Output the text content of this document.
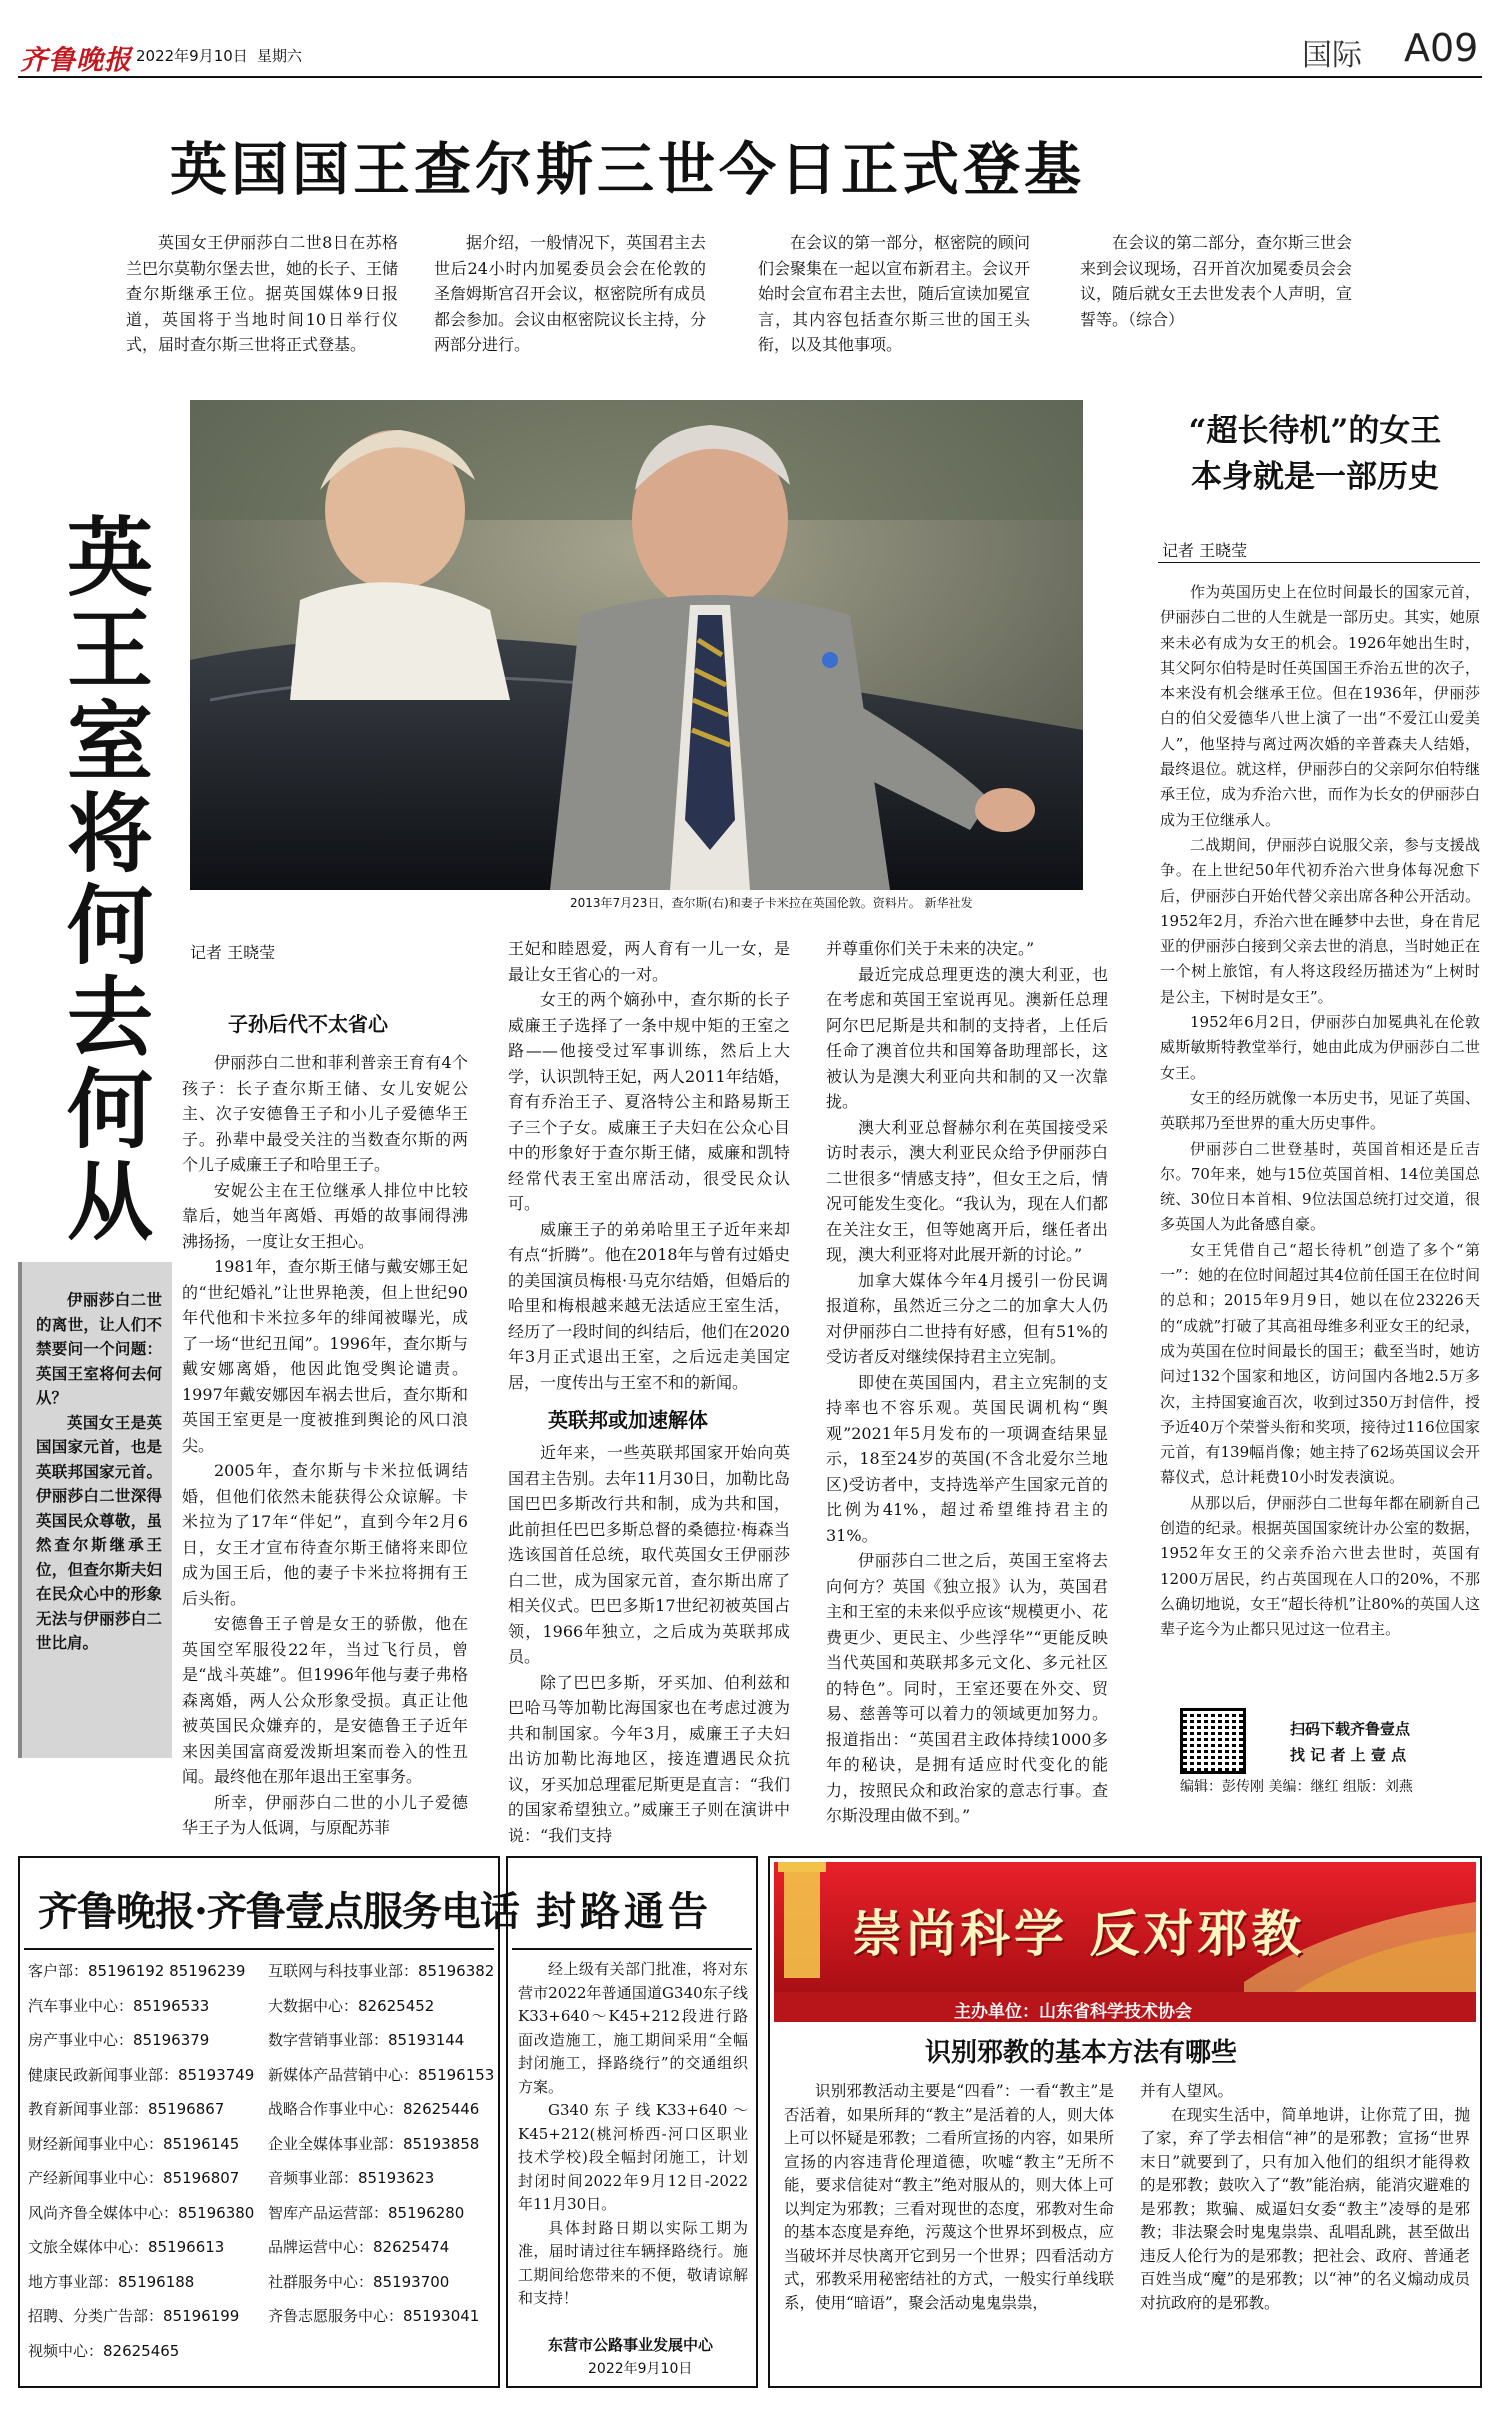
齐鲁晚报 2022年9月10日 星期六	国际 A09
英国国王查尔斯三世今日正式登基

英国女王伊丽莎白二世8日在苏格兰巴尔莫勒尔堡去世，她的长子、王储查尔斯继承王位。据英国媒体9日报道，英国将于当地时间10日举行仪式，届时查尔斯三世将正式登基。

据介绍，一般情况下，英国君主去世后24小时内加冕委员会会在伦敦的圣詹姆斯宫召开会议，枢密院所有成员都会参加。会议由枢密院议长主持，分两部分进行。

在会议的第一部分，枢密院的顾问们会聚集在一起以宣布新君主。会议开始时会宣布君主去世，随后宣读加冕宣言，其内容包括查尔斯三世的国王头衔，以及其他事项。

在会议的第二部分，查尔斯三世会来到会议现场，召开首次加冕委员会会议，随后就女王去世发表个人声明，宣誓等。（综合）

2013年7月23日，查尔斯(右)和妻子卡米拉在英国伦敦。资料片。 新华社发
英王室将何去何从

伊丽莎白二世的离世，让人们不禁要问一个问题：英国王室将何去何从？

英国女王是英国国家元首，也是英联邦国家元首。伊丽莎白二世深得英国民众尊敬，虽然查尔斯继承王位，但查尔斯夫妇在民众心中的形象无法与伊丽莎白二世比肩。

记者 王晓莹
子孙后代不太省心

伊丽莎白二世和菲利普亲王育有4个孩子：长子查尔斯王储、女儿安妮公主、次子安德鲁王子和小儿子爱德华王子。孙辈中最受关注的当数查尔斯的两个儿子威廉王子和哈里王子。

安妮公主在王位继承人排位中比较靠后，她当年离婚、再婚的故事闹得沸沸扬扬，一度让女王担心。

1981年，查尔斯王储与戴安娜王妃的“世纪婚礼”让世界艳羡，但上世纪90年代他和卡米拉多年的绯闻被曝光，成了一场“世纪丑闻”。1996年，查尔斯与戴安娜离婚，他因此饱受舆论谴责。1997年戴安娜因车祸去世后，查尔斯和英国王室更是一度被推到舆论的风口浪尖。

2005年，查尔斯与卡米拉低调结婚，但他们依然未能获得公众谅解。卡米拉为了17年“伴妃”，直到今年2月6日，女王才宣布待查尔斯王储将来即位成为国王后，他的妻子卡米拉将拥有王后头衔。

安德鲁王子曾是女王的骄傲，他在英国空军服役22年，当过飞行员，曾是“战斗英雄”。但1996年他与妻子弗格森离婚，两人公众形象受损。真正让他被英国民众嫌弃的，是安德鲁王子近年来因美国富商爱泼斯坦案而卷入的性丑闻。最终他在那年退出王室事务。

所幸，伊丽莎白二世的小儿子爱德华王子为人低调，与原配苏菲

王妃和睦恩爱，两人育有一儿一女，是最让女王省心的一对。

女王的两个嫡孙中，查尔斯的长子威廉王子选择了一条中规中矩的王室之路——他接受过军事训练，然后上大学，认识凯特王妃，两人2011年结婚，育有乔治王子、夏洛特公主和路易斯王子三个子女。威廉王子夫妇在公众心目中的形象好于查尔斯王储，威廉和凯特经常代表王室出席活动，很受民众认可。

威廉王子的弟弟哈里王子近年来却有点“折腾”。他在2018年与曾有过婚史的美国演员梅根·马克尔结婚，但婚后的哈里和梅根越来越无法适应王室生活，经历了一段时间的纠结后，他们在2020年3月正式退出王室，之后远走美国定居，一度传出与王室不和的新闻。

英联邦或加速解体

近年来，一些英联邦国家开始向英国君主告别。去年11月30日，加勒比岛国巴巴多斯改行共和制，成为共和国，此前担任巴巴多斯总督的桑德拉·梅森当选该国首任总统，取代英国女王伊丽莎白二世，成为国家元首，查尔斯出席了相关仪式。巴巴多斯17世纪初被英国占领，1966年独立，之后成为英联邦成员。

除了巴巴多斯，牙买加、伯利兹和巴哈马等加勒比海国家也在考虑过渡为共和制国家。今年3月，威廉王子夫妇出访加勒比海地区，接连遭遇民众抗议，牙买加总理霍尼斯更是直言：“我们的国家希望独立。”威廉王子则在演讲中说：“我们支持

并尊重你们关于未来的决定。”

最近完成总理更迭的澳大利亚，也在考虑和英国王室说再见。澳新任总理阿尔巴尼斯是共和制的支持者，上任后任命了澳首位共和国筹备助理部长，这被认为是澳大利亚向共和制的又一次靠拢。

澳大利亚总督赫尔利在英国接受采访时表示，澳大利亚民众给予伊丽莎白二世很多“情感支持”，但女王之后，情况可能发生变化。“我认为，现在人们都在关注女王，但等她离开后，继任者出现，澳大利亚将对此展开新的讨论。”

加拿大媒体今年4月援引一份民调报道称，虽然近三分之二的加拿大人仍对伊丽莎白二世持有好感，但有51%的受访者反对继续保持君主立宪制。

即使在英国国内，君主立宪制的支持率也不容乐观。英国民调机构“舆观”2021年5月发布的一项调查结果显示，18至24岁的英国(不含北爱尔兰地区)受访者中，支持选举产生国家元首的比例为41%，超过希望维持君主的31%。

伊丽莎白二世之后，英国王室将去向何方？英国《独立报》认为，英国君主和王室的未来似乎应该“规模更小、花费更少、更民主、少些浮华”“更能反映当代英国和英联邦多元文化、多元社区的特色”。同时，王室还要在外交、贸易、慈善等可以着力的领域更加努力。报道指出：“英国君主政体持续1000多年的秘诀，是拥有适应时代变化的能力，按照民众和政治家的意志行事。查尔斯没理由做不到。”

“超长待机”的女王
本身就是一部历史
记者 王晓莹

作为英国历史上在位时间最长的国家元首，伊丽莎白二世的人生就是一部历史。其实，她原来未必有成为女王的机会。1926年她出生时，其父阿尔伯特是时任英国国王乔治五世的次子，本来没有机会继承王位。但在1936年，伊丽莎白的伯父爱德华八世上演了一出“不爱江山爱美人”，他坚持与离过两次婚的辛普森夫人结婚，最终退位。就这样，伊丽莎白的父亲阿尔伯特继承王位，成为乔治六世，而作为长女的伊丽莎白成为王位继承人。

二战期间，伊丽莎白说服父亲，参与支援战争。在上世纪50年代初乔治六世身体每况愈下后，伊丽莎白开始代替父亲出席各种公开活动。1952年2月，乔治六世在睡梦中去世，身在肯尼亚的伊丽莎白接到父亲去世的消息，当时她正在一个树上旅馆，有人将这段经历描述为“上树时是公主，下树时是女王”。

1952年6月2日，伊丽莎白加冕典礼在伦敦威斯敏斯特教堂举行，她由此成为伊丽莎白二世女王。

女王的经历就像一本历史书，见证了英国、英联邦乃至世界的重大历史事件。

伊丽莎白二世登基时，英国首相还是丘吉尔。70年来，她与15位英国首相、14位美国总统、30位日本首相、9位法国总统打过交道，很多英国人为此备感自豪。

女王凭借自己“超长待机”创造了多个“第一”：她的在位时间超过其4位前任国王在位时间的总和；2015年9月9日，她以在位23226天的“成就”打破了其高祖母维多利亚女王的纪录，成为英国在位时间最长的国王；截至当时，她访问过132个国家和地区，访问国内各地2.5万多次，主持国宴逾百次，收到过350万封信件，授予近40万个荣誉头衔和奖项，接待过116位国家元首，有139幅肖像；她主持了62场英国议会开幕仪式，总计耗费10小时发表演说。

从那以后，伊丽莎白二世每年都在刷新自己创造的纪录。根据英国国家统计办公室的数据，1952年女王的父亲乔治六世去世时，英国有1200万居民，约占英国现在人口的20%，不那么确切地说，女王“超长待机”让80%的英国人这辈子迄今为止都只见过这一位君主。

扫码下载齐鲁壹点
找 记 者 上 壹 点
编辑：彭传刚 美编：继红 组版：刘燕
齐鲁晚报·齐鲁壹点服务电话
客户部：85196192 85196239
汽车事业中心：85196533
房产事业中心：85196379
健康民政新闻事业部：85193749
教育新闻事业部：85196867
财经新闻事业中心：85196145
产经新闻事业中心：85196807
风尚齐鲁全媒体中心：85196380
文旅全媒体中心：85196613
地方事业部：85196188
招聘、分类广告部：85196199
视频中心：82625465
互联网与科技事业部：85196382
大数据中心：82625452
数字营销事业部：85193144
新媒体产品营销中心：85196153
战略合作事业中心：82625446
企业全媒体事业部：85193858
音频事业部：85193623
智库产品运营部：85196280
品牌运营中心：82625474
社群服务中心：85193700
齐鲁志愿服务中心：85193041
封路通告

经上级有关部门批准，将对东营市2022年普通国道G340东子线K33+640～K45+212段进行路面改造施工，施工期间采用“全幅封闭施工，择路绕行”的交通组织方案。

G340东子线K33+640～K45+212(桃河桥西-河口区职业技术学校)段全幅封闭施工，计划封闭时间2022年9月12日-2022年11月30日。

具体封路日期以实际工期为准，届时请过往车辆择路绕行。施工期间给您带来的不便，敬请谅解和支持！

东营市公路事业发展中心
2022年9月10日
崇尚科学 反对邪教
主办单位：山东省科学技术协会
识别邪教的基本方法有哪些

识别邪教活动主要是“四看”：一看“教主”是否活着，如果所拜的“教主”是活着的人，则大体上可以怀疑是邪教；二看所宣扬的内容，如果所宣扬的内容违背伦理道德，吹嘘“教主”无所不能，要求信徒对“教主”绝对服从的，则大体上可以判定为邪教；三看对现世的态度，邪教对生命的基本态度是弃绝，污蔑这个世界坏到极点，应当破坏并尽快离开它到另一个世界；四看活动方式，邪教采用秘密结社的方式，一般实行单线联系，使用“暗语”，聚会活动鬼鬼祟祟，

并有人望风。

在现实生活中，简单地讲，让你荒了田，抛了家，弃了学去相信“神”的是邪教；宣扬“世界末日”就要到了，只有加入他们的组织才能得救的是邪教；鼓吹入了“教”能治病，能消灾避难的是邪教；欺骗、威逼妇女委“教主”凌辱的是邪教；非法聚会时鬼鬼祟祟、乱唱乱跳，甚至做出违反人伦行为的是邪教；把社会、政府、普通老百姓当成“魔”的是邪教；以“神”的名义煽动成员对抗政府的是邪教。
